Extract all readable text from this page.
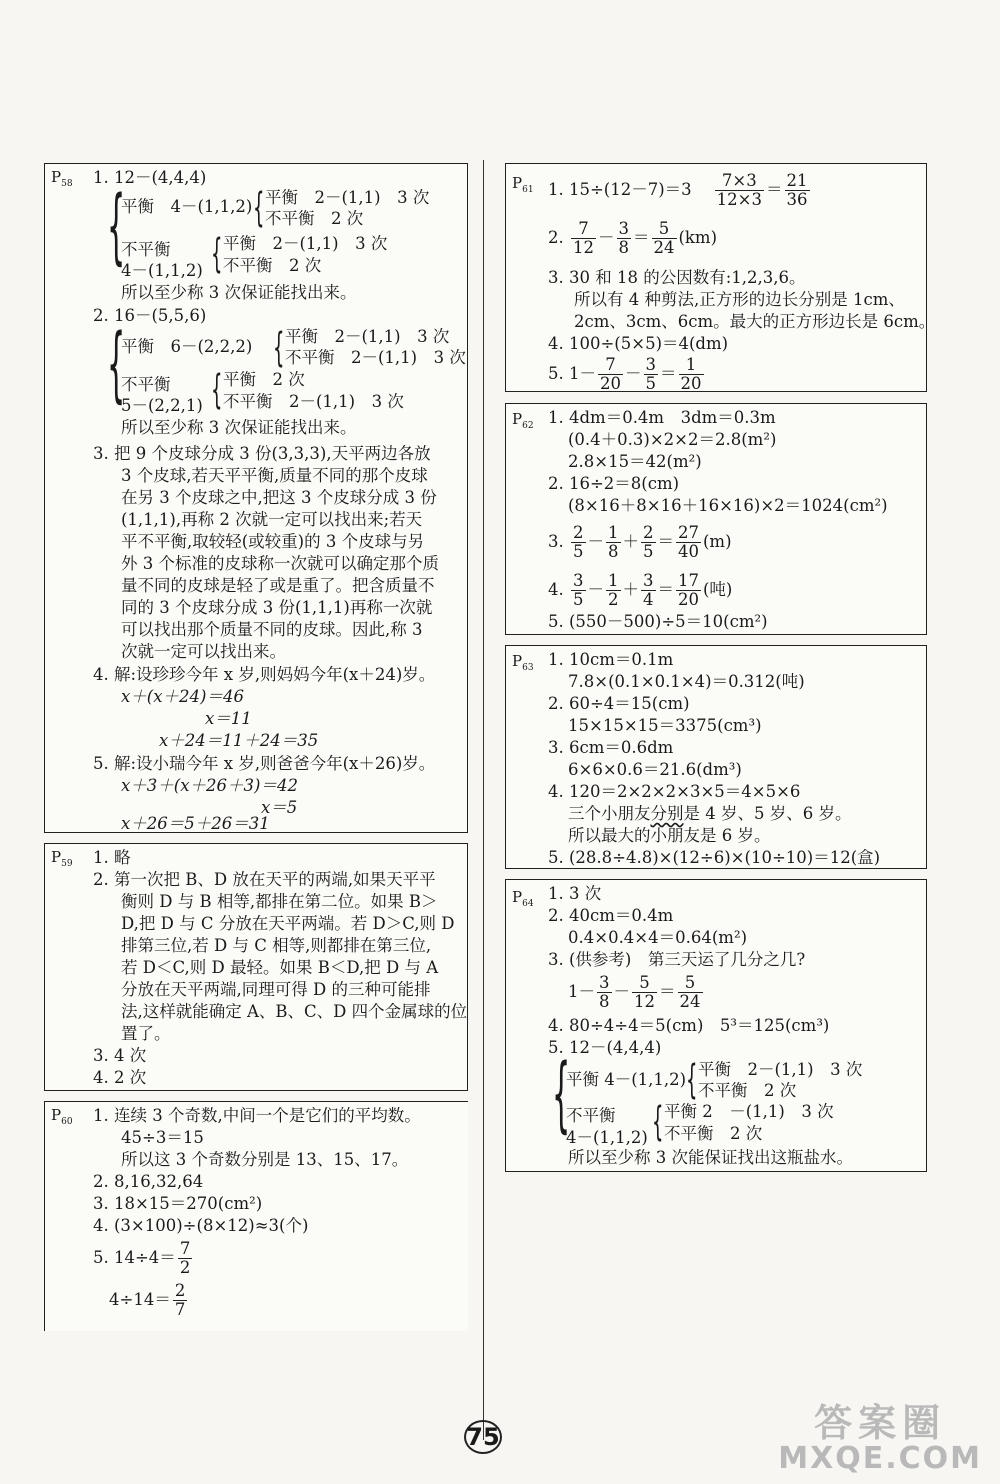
$P_{58}$ 1. 12－(4,4,4)
{
平衡　4－(1,1,2) { 平衡　2－(1,1)　3 次
不平衡　2 次
不平衡
4－(1,1,2) { 平衡　2－(1,1)　3 次
不平衡　2 次
所以至少称 3 次保证能找出来。
2. 16－(5,5,6)
{
平衡　6－(2,2,2) { 平衡　2－(1,1)　3 次
不平衡　2－(1,1)　3 次
不平衡
5－(2,2,1) { 平衡　2 次
不平衡　2－(1,1)　3 次
所以至少称 3 次保证能找出来。
3. 把 9 个皮球分成 3 份(3,3,3),天平两边各放
3 个皮球,若天平平衡,质量不同的那个皮球
在另 3 个皮球之中,把这 3 个皮球分成 3 份
(1,1,1),再称 2 次就一定可以找出来;若天
平不平衡,取较轻(或较重)的 3 个皮球与另
外 3 个标准的皮球称一次就可以确定那个质
量不同的皮球是轻了或是重了。把含质量不
同的 3 个皮球分成 3 份(1,1,1)再称一次就
可以找出那个质量不同的皮球。因此,称 3
次就一定可以找出来。
4. 解:设珍珍今年 x 岁,则妈妈今年(x＋24)岁。
x＋(x＋24)＝46
x＝11
x＋24＝11＋24＝35
5. 解:设小瑞今年 x 岁,则爸爸今年(x＋26)岁。
x＋3＋(x＋26＋3)＝42
x＝5
x＋26＝5＋26＝31
$P_{59}$ 1. 略
2. 第一次把 B、D 放在天平的两端,如果天平平
衡则 D 与 B 相等,都排在第二位。如果 B＞
D,把 D 与 C 分放在天平两端。若 D＞C,则 D
排第三位,若 D 与 C 相等,则都排在第三位,
若 D＜C,则 D 最轻。如果 B＜D,把 D 与 A
分放在天平两端,同理可得 D 的三种可能排
法,这样就能确定 A、B、C、D 四个金属球的位
置了。
3. 4 次
4. 2 次
$P_{60}$ 1. 连续 3 个奇数,中间一个是它们的平均数。
45÷3＝15
所以这 3 个奇数分别是 13、15、17。
2. 8,16,32,64
3. 18×15＝270(cm²)
4. (3×100)÷(8×12)≈3(个)
5. $14\div 4= \frac{7}{2}$
$4\div 14= \frac{2}{7}$
$P_{61}$ 1. $15\div(12-7)=3 \frac{7\times 3}{12\times 3} = \frac{21}{36}$
2. $\frac{7}{12} - \frac{3}{8} = \frac{5}{24} (km)$
3. 30 和 18 的公因数有:1,2,3,6。
所以有 4 种剪法,正方形的边长分别是 1cm、
2cm、3cm、6cm。最大的正方形边长是 6cm。
4. 100÷(5×5)＝4(dm)
5. $1- \frac{7}{20} - \frac{3}{5} = \frac{1}{20}$
$P_{62}$ 1. 4dm＝0.4m　3dm＝0.3m
(0.4＋0.3)×2×2＝2.8(m²)
2.8×15＝42(m²)
2. 16÷2＝8(cm)
(8×16＋8×16＋16×16)×2＝1024(cm²)
3. $\frac{2}{5} - \frac{1}{8} + \frac{2}{5} = \frac{27}{40} (m)$
4. $\frac{3}{5} - \frac{1}{2} + \frac{3}{4} = \frac{17}{20}$ (吨)
5. (550－500)÷5＝10(cm²)
$P_{63}$ 1. 10cm＝0.1m
7.8×(0.1×0.1×4)＝0.312(吨)
2. 60÷4＝15(cm)
15×15×15＝3375(cm³)
3. 6cm＝0.6dm
6×6×0.6＝21.6(dm³)
4. 120＝2×2×2×3×5＝4×5×6
三个小朋友分别是 4 岁、5 岁、6 岁。
所以最大的小朋友是 6 岁。
5. (28.8÷4.8)×(12÷6)×(10÷10)＝12(盒)
$P_{64}$
1. 3 次
2. 40cm＝0.4m
0.4×0.4×4＝0.64(m²)
3. (供参考)　第三天运了几分之几?
$1- \frac{3}{8} - \frac{5}{12} = \frac{5}{24}$
4. 80÷4÷4＝5(cm)　5³＝125(cm³)
5. 12－(4,4,4)
{
平衡 4－(1,1,2) { 平衡　2－(1,1)　3 次
不平衡　2 次
不平衡
4－(1,1,2) { 平衡 2　－(1,1)　3 次
不平衡　2 次
所以至少称 3 次能保证找出这瓶盐水。
75	答案圈
MXQE.COM
